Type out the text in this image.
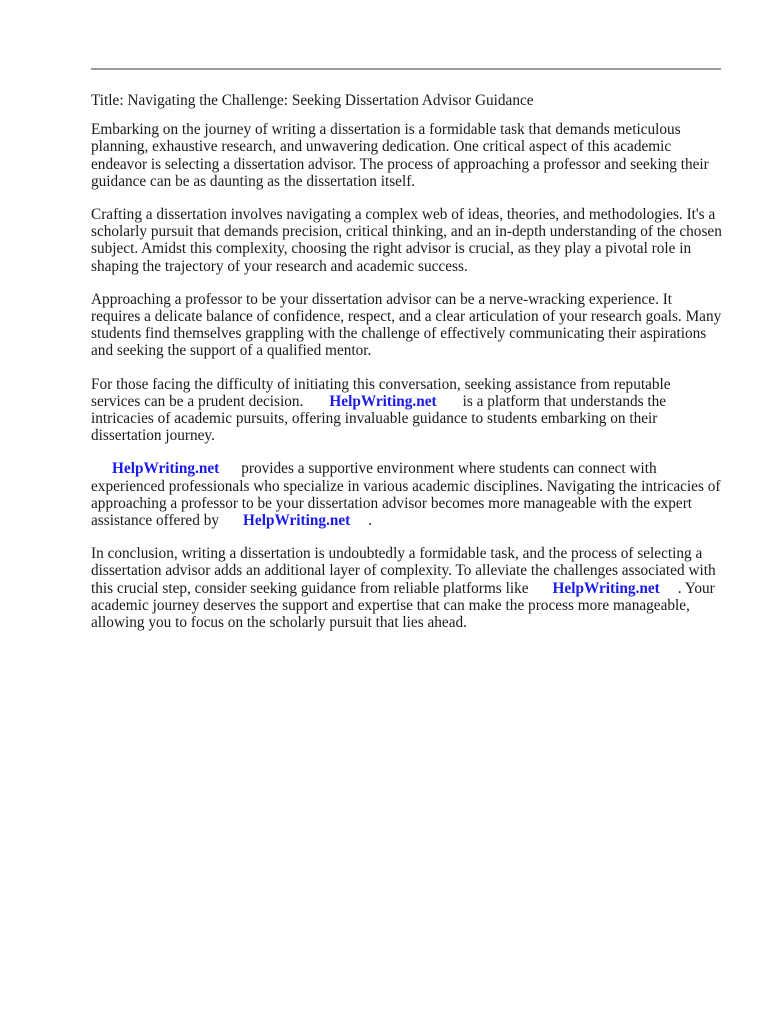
Title: Navigating the Challenge: Seeking Dissertation Advisor Guidance

Embarking on the journey of writing a dissertation is a formidable task that demands meticulous planning, exhaustive research, and unwavering dedication. One critical aspect of this academic endeavor is selecting a dissertation advisor. The process of approaching a professor and seeking their guidance can be as daunting as the dissertation itself.

Crafting a dissertation involves navigating a complex web of ideas, theories, and methodologies. It's a scholarly pursuit that demands precision, critical thinking, and an in-depth understanding of the chosen subject. Amidst this complexity, choosing the right advisor is crucial, as they play a pivotal role in shaping the trajectory of your research and academic success.

Approaching a professor to be your dissertation advisor can be a nerve-wracking experience. It requires a delicate balance of confidence, respect, and a clear articulation of your research goals. Many students find themselves grappling with the challenge of effectively communicating their aspirations and seeking the support of a qualified mentor.

For those facing the difficulty of initiating this conversation, seeking assistance from reputable services can be a prudent decision. HelpWriting.net is a platform that understands the intricacies of academic pursuits, offering invaluable guidance to students embarking on their dissertation journey.

HelpWriting.net provides a supportive environment where students can connect with experienced professionals who specialize in various academic disciplines. Navigating the intricacies of approaching a professor to be your dissertation advisor becomes more manageable with the expert assistance offered by HelpWriting.net .

In conclusion, writing a dissertation is undoubtedly a formidable task, and the process of selecting a dissertation advisor adds an additional layer of complexity. To alleviate the challenges associated with this crucial step, consider seeking guidance from reliable platforms like HelpWriting.net . Your academic journey deserves the support and expertise that can make the process more manageable, allowing you to focus on the scholarly pursuit that lies ahead.
